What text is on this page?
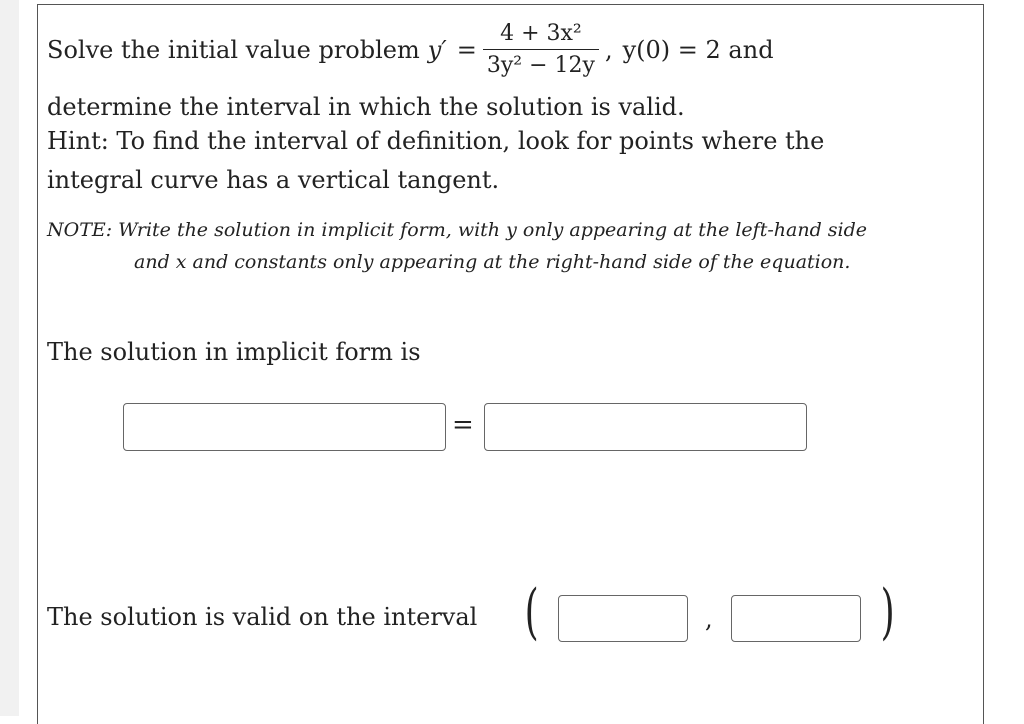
Solve the initial value problem $y' = \frac{\text{4 + 3x²}}{\text{3y² − 12y}}$ , y(0) = 2 and
determine the interval in which the solution is valid.
Hint: To find the interval of definition, look for points where the
integral curve has a vertical tangent.
NOTE: Write the solution in implicit form, with y only appearing at the left-hand side
and x and constants only appearing at the right-hand side of the equation.
The solution in implicit form is
=
The solution is valid on the interval (	,	)
